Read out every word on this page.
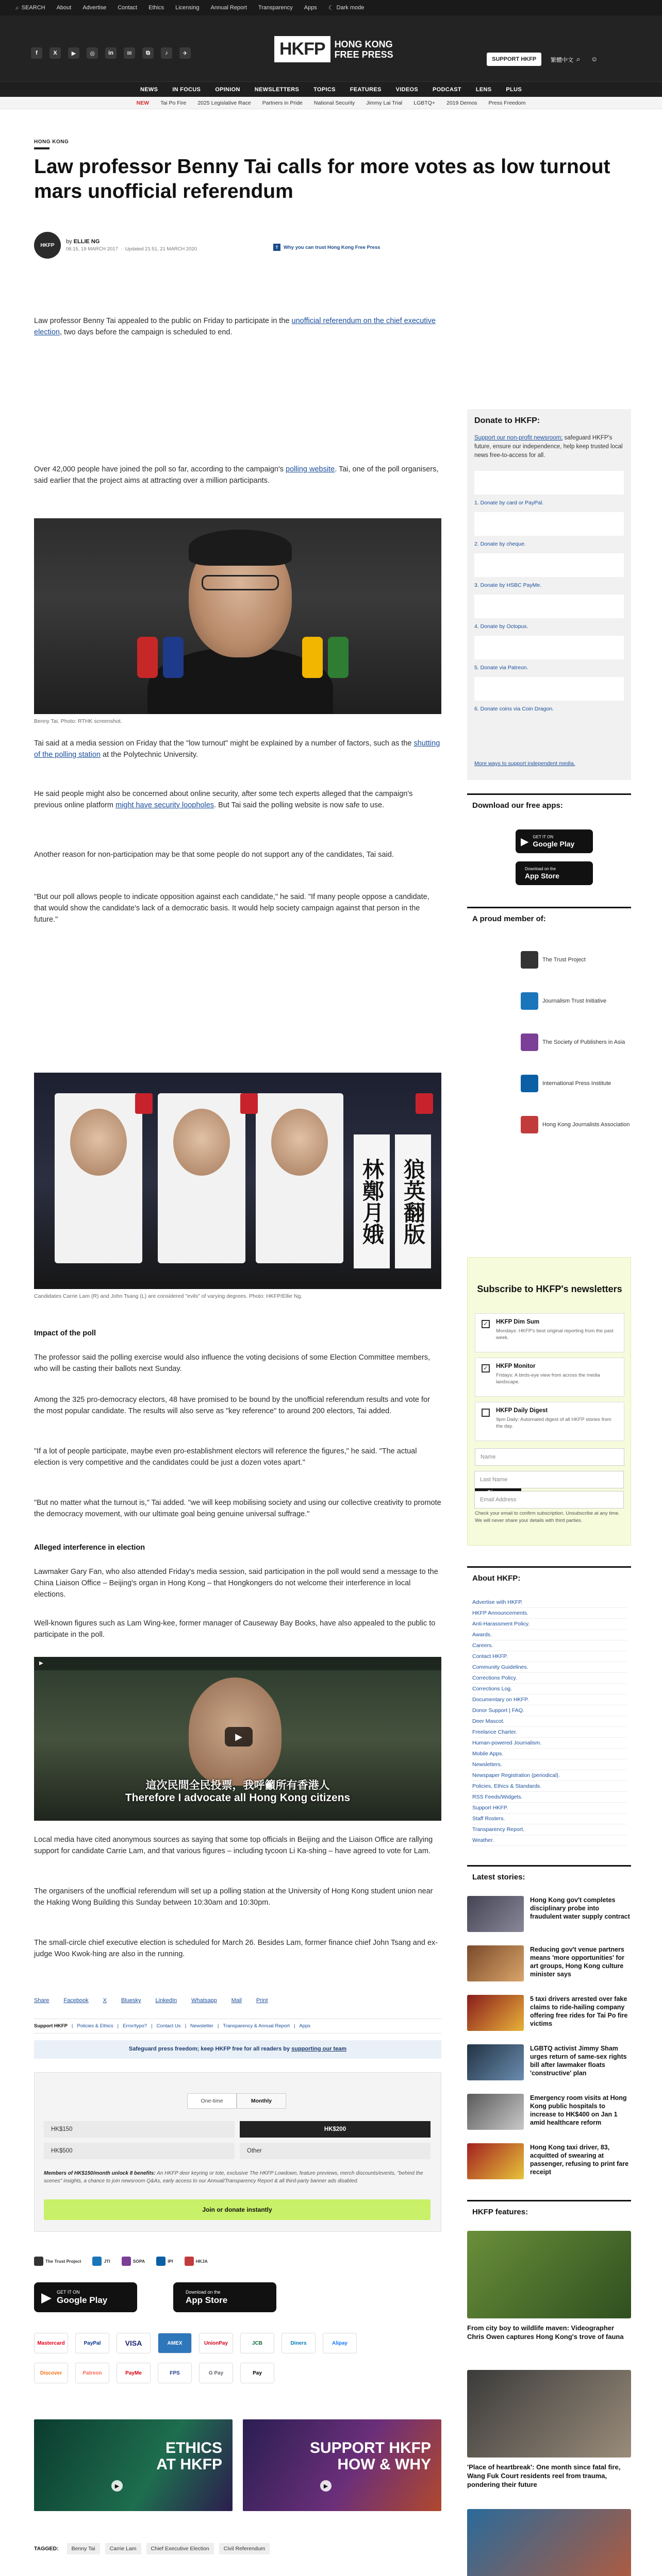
⌕ SEARCH About Advertise Contact Ethics Licensing Annual Report Transparency Apps ☾ Dark mode
f	X	▶	◎	in	✉	⧉	♪	✈	HKFP	HONG KONG
FREE PRESS	SUPPORT HKFP	繁體中文 ⌕ ☺
NEWS	IN FOCUS	OPINION	NEWSLETTERS	TOPICS	FEATURES	VIDEOS	PODCAST	LENS	PLUS
NEW Tai Po Fire 2025 Legislative Race Partners in Pride National Security Jimmy Lai Trial LGBTQ+ 2019 Demos Press Freedom
HONG KONG
Law professor Benny Tai calls for more votes as low turnout mars unofficial referendum
HKFP
by ELLIE NG
06:15, 19 MARCH 2017  ·  Updated 21:51, 21 MARCH 2020	T	Why you can trust Hong Kong Free Press

Law professor Benny Tai appealed to the public on Friday to participate in the unofficial referendum on the chief executive election, two days before the campaign is scheduled to end.

Over 42,000 people have joined the poll so far, according to the campaign's polling website. Tai, one of the poll organisers, said earlier that the project aims at attracting over a million participants.

Benny Tai. Photo: RTHK screenshot.

Tai said at a media session on Friday that the "low turnout" might be explained by a number of factors, such as the shutting of the polling station at the Polytechnic University.

He said people might also be concerned about online security, after some tech experts alleged that the campaign's previous online platform might have security loopholes. But Tai said the polling website is now safe to use.

Another reason for non-participation may be that some people do not support any of the candidates, Tai said.

"But our poll allows people to indicate opposition against each candidate," he said. "If many people oppose a candidate, that would show the candidate's lack of a democratic basis. It would help society campaign against that person in the future."

林鄭月娥 狼英翻版
Candidates Carrie Lam (R) and John Tsang (L) are considered "evils" of varying degrees. Photo: HKFP/Ellie Ng.
Impact of the poll

The professor said the polling exercise would also influence the voting decisions of some Election Committee members, who will be casting their ballots next Sunday.

Among the 325 pro-democracy electors, 48 have promised to be bound by the unofficial referendum results and vote for the most popular candidate. The results will also serve as "key reference" to around 200 electors, Tai added.

"If a lot of people participate, maybe even pro-establishment electors will reference the figures," he said. "The actual election is very competitive and the candidates could be just a dozen votes apart."

"But no matter what the turnout is," Tai added. "we will keep mobilising society and using our collective creativity to promote the democracy movement, with our ultimate goal being genuine universal suffrage."

Alleged interference in election

Lawmaker Gary Fan, who also attended Friday's media session, said participation in the poll would send a message to the China Liaison Office – Beijing's organ in Hong Kong – that Hongkongers do not welcome their interference in local elections.

Well-known figures such as Lam Wing-kee, former manager of Causeway Bay Books, have also appealed to the public to participate in the poll.

▶
▶
這次民間全民投票，我呼籲所有香港人
Therefore I advocate all Hong Kong citizens

Local media have cited anonymous sources as saying that some top officials in Beijing and the Liaison Office are rallying support for candidate Carrie Lam, and that various figures – including tycoon Li Ka-shing – have agreed to vote for Lam.

The organisers of the unofficial referendum will set up a polling station at the University of Hong Kong student union near the Haking Wong Building this Sunday between 10:30am and 10:30pm.

The small-circle chief executive election is scheduled for March 26. Besides Lam, former finance chief John Tsang and ex-judge Woo Kwok-hing are also in the running.

Share	Facebook	X	Bluesky	LinkedIn	Whatsapp	Mail	Print
Support HKFP | Policies & Ethics | Error/typo? | Contact Us | Newsletter | Transparency & Annual Report | Apps
Safeguard press freedom; keep HKFP free for all readers by supporting our team
One-time	Monthly
HK$150	HK$200
HK$500	Other
Members of HK$150/month unlock 8 benefits: An HKFP deer keyring or tote, exclusive The HKFP Lowdown, feature previews, merch discounts/events, "behind the scenes" insights, a chance to join newsroom Q&As, early access to our Annual/Transparency Report & all third-party banner ads disabled.
Join or donate instantly
The Trust Project	JTI	SOPA	IPI	HKJA
▶ GET IT ON
Google Play
Download on the
App Store
Mastercard	PayPal	VISA	AMEX	UnionPay	JCB	Diners	Alipay
Discover	Patreon	PayMe	FPS	G Pay	Pay
ETHICS
AT HKFP
▶
SUPPORT HKFP
HOW & WHY
▶
TAGGED:	Benny Tai	Carrie Lam	Chief Executive Election	Civil Referendum
Donate to HKFP:
Support our non-profit newsroom; safeguard HKFP's future, ensure our independence, help keep trusted local news free-to-access for all.
1. Donate by card or PayPal.
2. Donate by cheque.
3. Donate by HSBC PayMe.
4. Donate by Octopus.
5. Donate via Patreon.
6. Donate coins via Coin Dragon.
More ways to support independent media.
Download our free apps:
▶ GET IT ON
Google Play
Download on the
App Store
A proud member of:
The Trust Project
Journalism Trust Initiative
The Society of Publishers in Asia
International Press Institute
Hong Kong Journalists Association
Subscribe to HKFP's newsletters
✓ HKFP Dim Sum
Mondays: HKFP's best original reporting from the past week.
✓ HKFP Monitor
Fridays: A birds-eye view from across the media landscape.
HKFP Daily Digest
9pm Daily: Automated digest of all HKFP stories from the day.
Name
Check your email to confirm subscription. Unsubscribe at any time. We will never share your details with third parties.
Last Name
Email Address
About HKFP:
Advertise with HKFP.
HKFP Announcements.
Anti-Harassment Policy.
Awards.
Careers.
Contact HKFP.
Community Guidelines.
Corrections Policy.
Corrections Log.
Documentary on HKFP.
Donor Support | FAQ.
Deer Mascot.
Freelance Charter.
Human-powered Journalism.
Mobile Apps.
Newsletters.
Newspaper Registration (periodical).
Policies, Ethics & Standards.
RSS Feeds/Widgets.
Support HKFP.
Staff Rosters.
Transparency Report.
Weather.
Latest stories:
Hong Kong gov't completes disciplinary probe into fraudulent water supply contract
Reducing gov't venue partners means 'more opportunities' for art groups, Hong Kong culture minister says
5 taxi drivers arrested over fake claims to ride-hailing company offering free rides for Tai Po fire victims
LGBTQ activist Jimmy Sham urges return of same-sex rights bill after lawmaker floats 'constructive' plan
Emergency room visits at Hong Kong public hospitals to increase to HK$400 on Jan 1 amid healthcare reform
Hong Kong taxi driver, 83, acquitted of swearing at passenger, refusing to print fare receipt
HKFP features:
From city boy to wildlife maven: Videographer Chris Owen captures Hong Kong's trove of fauna
'Place of heartbreak': One month since fatal fire, Wang Fuk Court residents reel from trauma, pondering their future
